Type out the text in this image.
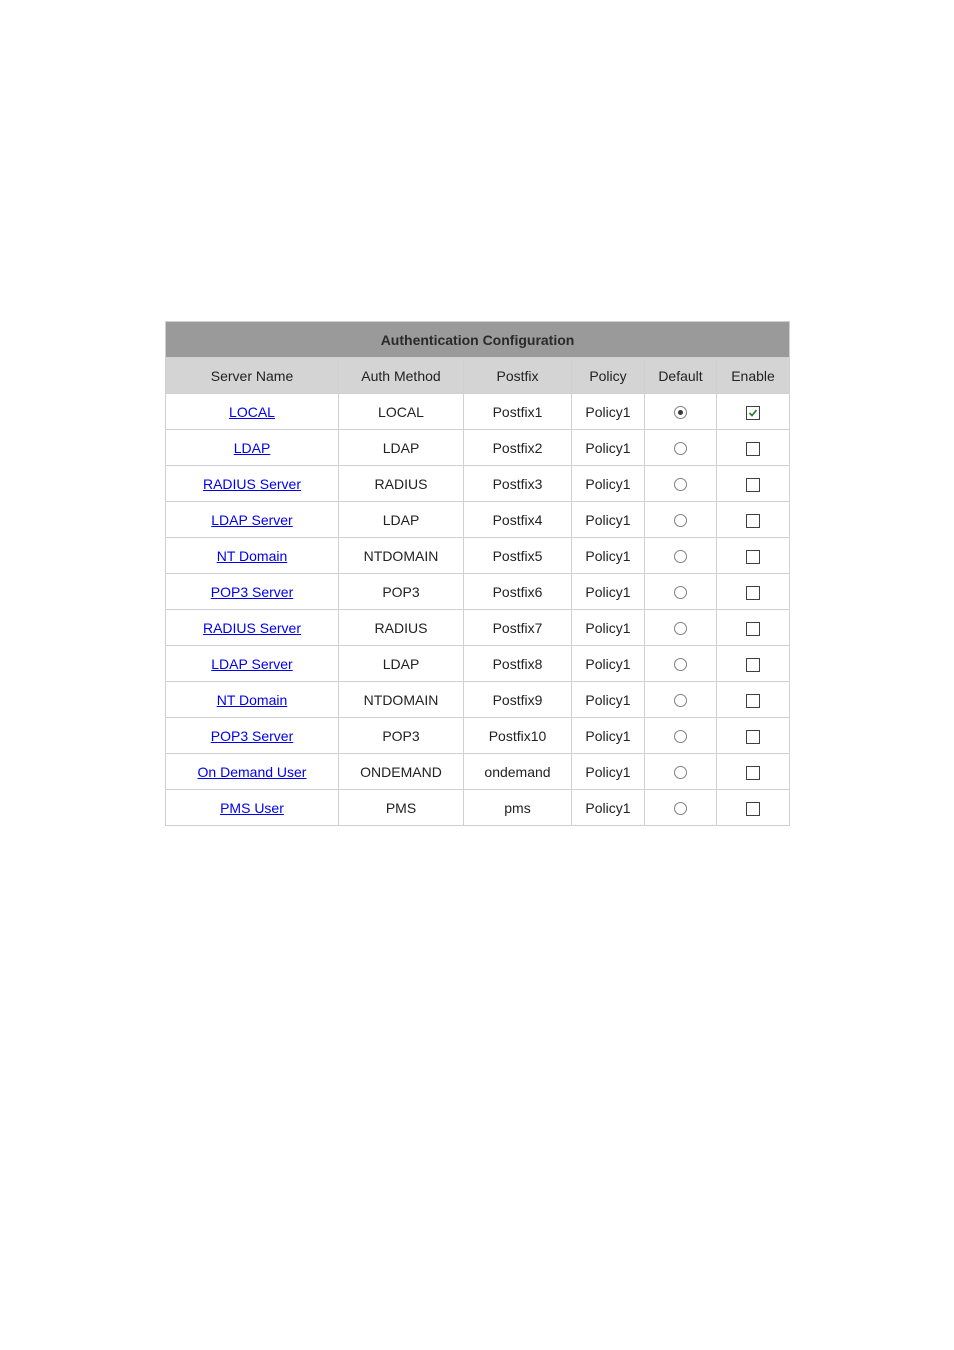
Authentication Configuration					
Server Name	Auth Method	Postfix	Policy	Default	Enable
LOCAL	LOCAL	Postfix1	Policy1		

LDAP	LDAP	Postfix2	Policy1		
RADIUS Server	RADIUS	Postfix3	Policy1		
LDAP Server	LDAP	Postfix4	Policy1		
NT Domain	NTDOMAIN	Postfix5	Policy1		
POP3 Server	POP3	Postfix6	Policy1		
RADIUS Server	RADIUS	Postfix7	Policy1		
LDAP Server	LDAP	Postfix8	Policy1		
NT Domain	NTDOMAIN	Postfix9	Policy1		
POP3 Server	POP3	Postfix10	Policy1		
On Demand User	ONDEMAND	ondemand	Policy1		
PMS User	PMS	pms	Policy1		
